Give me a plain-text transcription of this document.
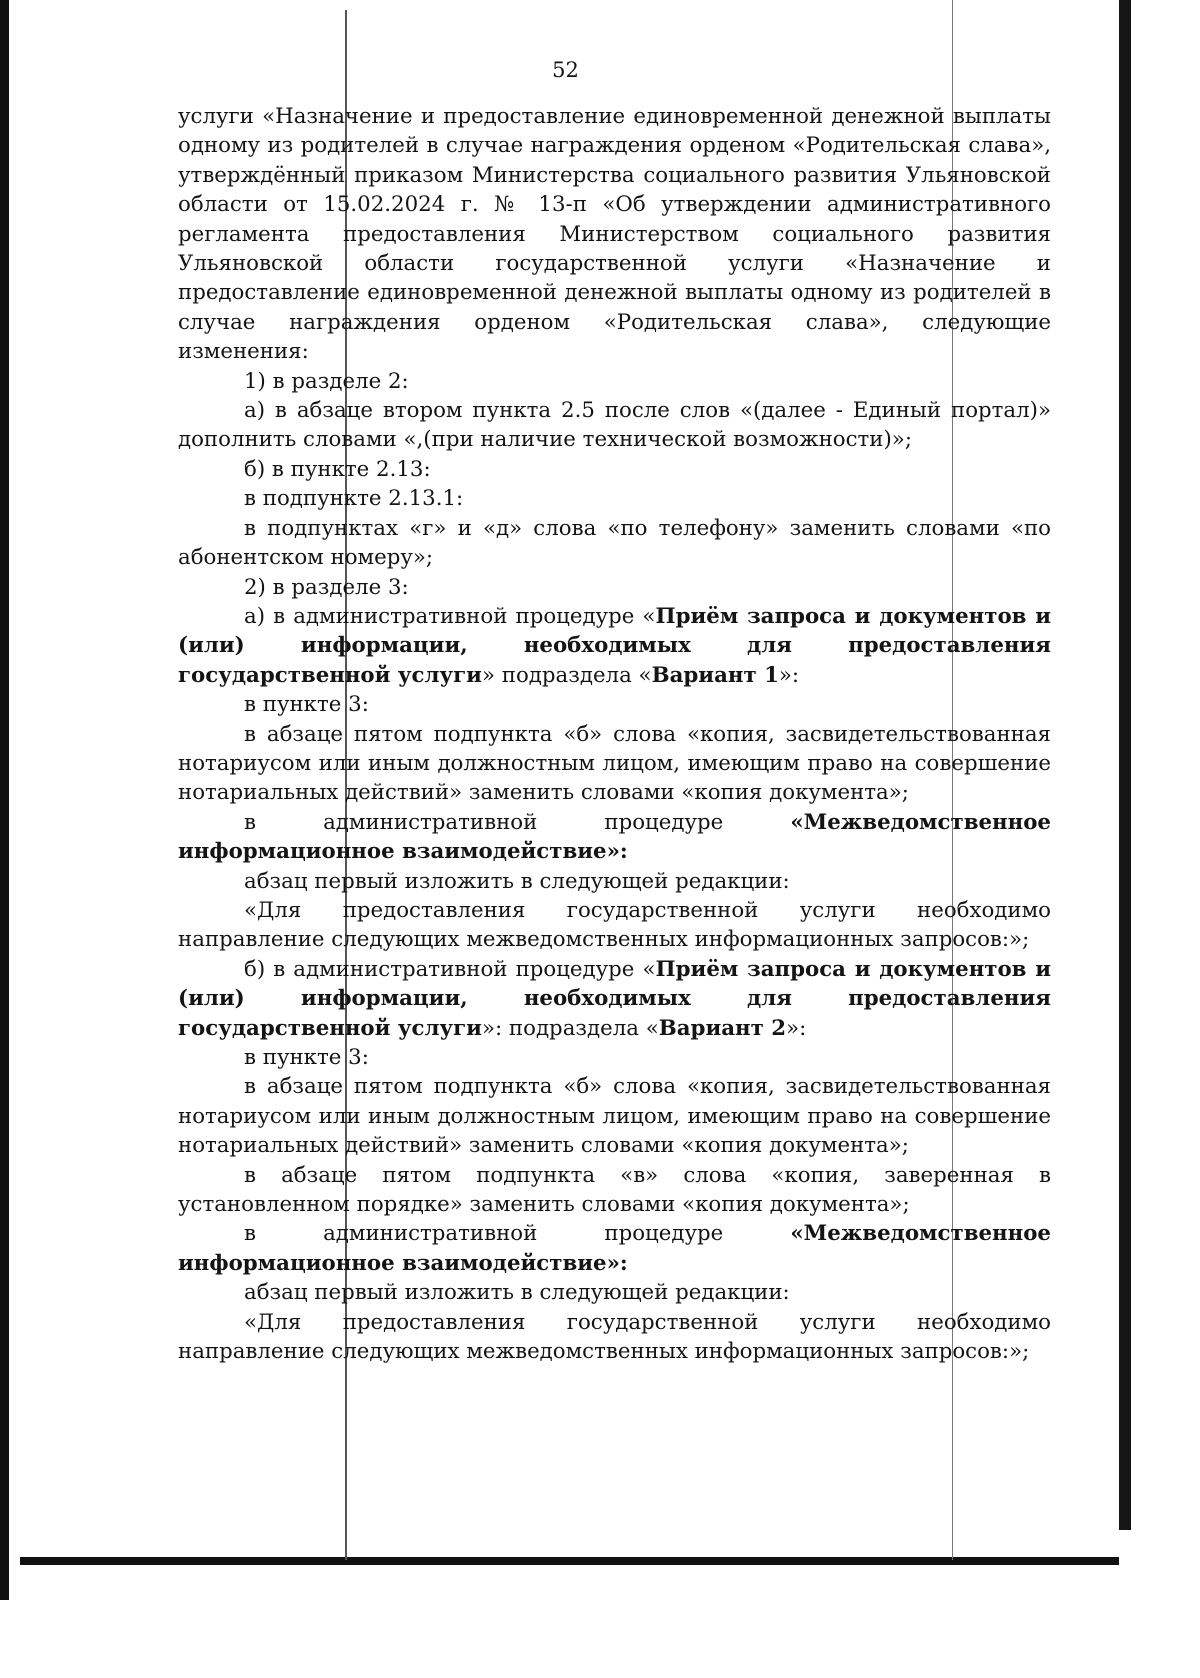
52

услуги «Назначение и предоставление единовременной денежной выплаты одному из родителей в случае награждения орденом «Родительская слава», утверждённый приказом Министерства социального развития Ульяновской области от 15.02.2024 г. № 13-п «Об утверждении административного регламента предоставления Министерством социального развития Ульяновской области государственной услуги «Назначение и предоставление единовременной денежной выплаты одному из родителей в случае награждения орденом «Родительская слава», следующие изменения:

1) в разделе 2:

а) в абзаце втором пункта 2.5 после слов «(далее - Единый портал)» дополнить словами «,(при наличие технической возможности)»;

б) в пункте 2.13:

в подпункте 2.13.1:

в подпунктах «г» и «д» слова «по телефону» заменить словами «по абонентском номеру»;

2) в разделе 3:

а) в административной процедуре «Приём запроса и документов и (или) информации, необходимых для предоставления государственной услуги» подраздела «Вариант 1»:

в пункте 3:

в абзаце пятом подпункта «б» слова «копия, засвидетельствованная нотариусом или иным должностным лицом, имеющим право на совершение нотариальных действий» заменить словами «копия документа»;

в административной процедуре «Межведомственное информационное взаимодействие»:

абзац первый изложить в следующей редакции:

«Для предоставления государственной услуги необходимо направление следующих межведомственных информационных запросов:»;

б) в административной процедуре «Приём запроса и документов и (или) информации, необходимых для предоставления государственной услуги»: подраздела «Вариант 2»:

в пункте 3:

в абзаце пятом подпункта «б» слова «копия, засвидетельствованная нотариусом или иным должностным лицом, имеющим право на совершение нотариальных действий» заменить словами «копия документа»;

в абзаце пятом подпункта «в» слова «копия, заверенная в установленном порядке» заменить словами «копия документа»;

в административной процедуре «Межведомственное информационное взаимодействие»:

абзац первый изложить в следующей редакции:

«Для предоставления государственной услуги необходимо направление следующих межведомственных информационных запросов:»;
